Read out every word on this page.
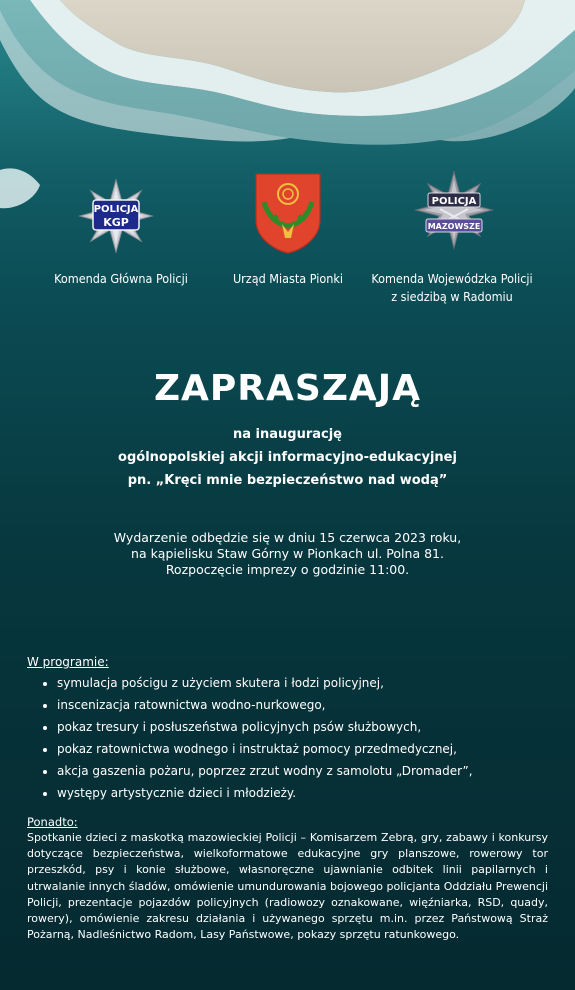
POLICJA
KGP
Komenda Główna Policji	Urząd Miasta Pionki
POLICJA
MAZOWSZE
Komenda Wojewódzka Policji
z siedzibą w Radomiu
ZAPRASZAJĄ
na inaugurację
ogólnopolskiej akcji informacyjno-edukacyjnej
pn. „Kręci mnie bezpieczeństwo nad wodą”
Wydarzenie odbędzie się w dniu 15 czerwca 2023 roku,
na kąpielisku Staw Górny w Pionkach ul. Polna 81.
Rozpoczęcie imprezy o godzinie 11:00.
W programie:
• symulacja pościgu z użyciem skutera i łodzi policyjnej,
• inscenizacja ratownictwa wodno-nurkowego,
• pokaz tresury i posłuszeństwa policyjnych psów służbowych,
• pokaz ratownictwa wodnego i instruktaż pomocy przedmedycznej,
• akcja gaszenia pożaru, poprzez zrzut wodny z samolotu „Dromader”,
• występy artystycznie dzieci i młodzieży.
Ponadto:
Spotkanie dzieci z maskotką mazowieckiej Policji – Komisarzem Zebrą, gry, zabawy i konkursy dotyczące bezpieczeństwa, wielkoformatowe edukacyjne gry planszowe, rowerowy tor przeszkód, psy i konie służbowe, własnoręczne ujawnianie odbitek linii papilarnych i utrwalanie innych śladów, omówienie umundurowania bojowego policjanta Oddziału Prewencji Policji, prezentacje pojazdów policyjnych (radiowozy oznakowane, więźniarka, RSD, quady, rowery), omówienie zakresu działania i używanego sprzętu m.in. przez Państwową Straż Pożarną, Nadleśnictwo Radom, Lasy Państwowe, pokazy sprzętu ratunkowego.
